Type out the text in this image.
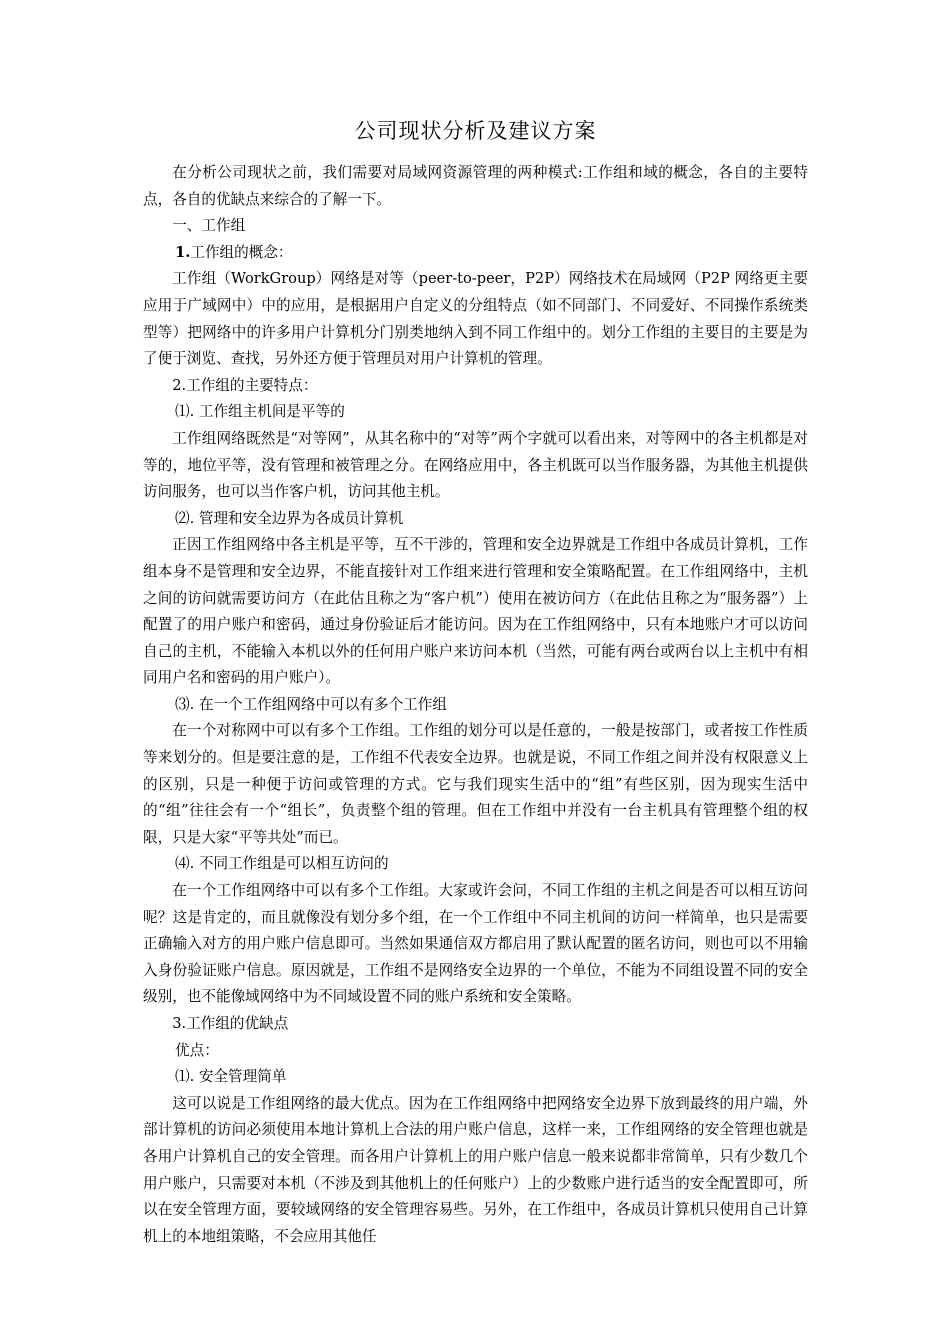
公司现状分析及建议方案

在分析公司现状之前，我们需要对局域网资源管理的两种模式:工作组和域的概念，各自的主要特点，各自的优缺点来综合的了解一下。

一、工作组

1.工作组的概念：

工作组（WorkGroup）网络是对等（peer-to-peer，P2P）网络技术在局域网（P2P 网络更主要应用于广域网中）中的应用，是根据用户自定义的分组特点（如不同部门、不同爱好、不同操作系统类型等）把网络中的许多用户计算机分门别类地纳入到不同工作组中的。划分工作组的主要目的主要是为了便于浏览、查找，另外还方便于管理员对用户计算机的管理。

2.工作组的主要特点：

⑴. 工作组主机间是平等的

工作组网络既然是“对等网”，从其名称中的“对等”两个字就可以看出来，对等网中的各主机都是对等的，地位平等，没有管理和被管理之分。在网络应用中，各主机既可以当作服务器，为其他主机提供访问服务，也可以当作客户机，访问其他主机。

⑵. 管理和安全边界为各成员计算机

正因工作组网络中各主机是平等，互不干涉的，管理和安全边界就是工作组中各成员计算机，工作组本身不是管理和安全边界，不能直接针对工作组来进行管理和安全策略配置。在工作组网络中，主机之间的访问就需要访问方（在此估且称之为“客户机”）使用在被访问方（在此估且称之为“服务器”）上配置了的用户账户和密码，通过身份验证后才能访问。因为在工作组网络中，只有本地账户才可以访问自己的主机，不能输入本机以外的任何用户账户来访问本机（当然，可能有两台或两台以上主机中有相同用户名和密码的用户账户）。

⑶. 在一个工作组网络中可以有多个工作组

在一个对称网中可以有多个工作组。工作组的划分可以是任意的，一般是按部门，或者按工作性质等来划分的。但是要注意的是，工作组不代表安全边界。也就是说，不同工作组之间并没有权限意义上的区别，只是一种便于访问或管理的方式。它与我们现实生活中的“组”有些区别，因为现实生活中的“组”往往会有一个“组长”，负责整个组的管理。但在工作组中并没有一台主机具有管理整个组的权限，只是大家“平等共处”而已。

⑷. 不同工作组是可以相互访问的

在一个工作组网络中可以有多个工作组。大家或许会问，不同工作组的主机之间是否可以相互访问呢？这是肯定的，而且就像没有划分多个组，在一个工作组中不同主机间的访问一样简单，也只是需要正确输入对方的用户账户信息即可。当然如果通信双方都启用了默认配置的匿名访问，则也可以不用输入身份验证账户信息。原因就是，工作组不是网络安全边界的一个单位，不能为不同组设置不同的安全级别，也不能像域网络中为不同域设置不同的账户系统和安全策略。

3.工作组的优缺点

优点：

⑴. 安全管理简单

这可以说是工作组网络的最大优点。因为在工作组网络中把网络安全边界下放到最终的用户端，外部计算机的访问必须使用本地计算机上合法的用户账户信息，这样一来，工作组网络的安全管理也就是各用户计算机自己的安全管理。而各用户计算机上的用户账户信息一般来说都非常简单，只有少数几个用户账户，只需要对本机（不涉及到其他机上的任何账户）上的少数账户进行适当的安全配置即可，所以在安全管理方面，要较域网络的安全管理容易些。另外，在工作组中，各成员计算机只使用自己计算机上的本地组策略，不会应用其他任
